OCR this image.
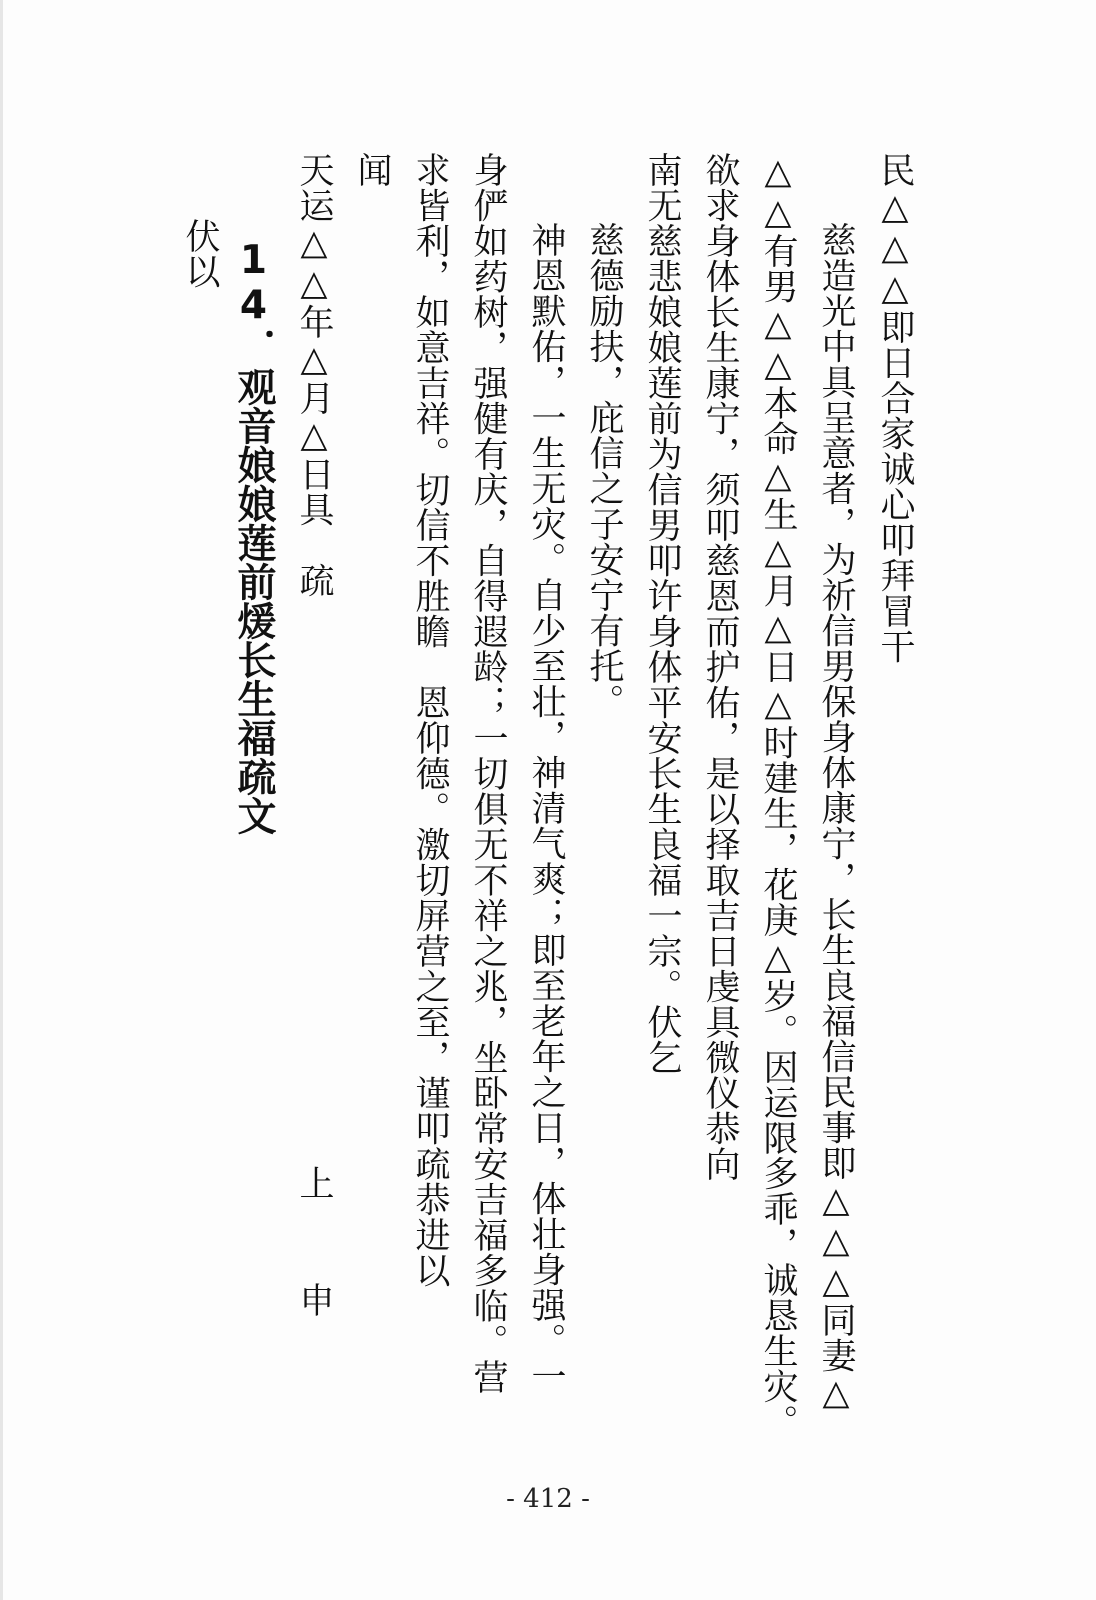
民△△△即日合家诚心叩拜冒干
慈造光中具呈意者，为祈信男保身体康宁，长生良福信民事即△△△同妻△
△△有男△△本命△生△月△日△时建生，花庚△岁。因运限多乖，诚恳生灾。
欲求身体长生康宁，须叩慈恩而护佑，是以择取吉日虔具微仪恭向
南无慈悲娘娘莲前为信男叩许身体平安长生良福一宗。伏乞
慈德励扶，庇信之子安宁有托。
神恩默佑，一生无灾。自少至壮，神清气爽；即至老年之日，体壮身强。一
身俨如药树，强健有庆，自得遐龄；一切俱无不祥之兆，坐卧常安吉福多临。营
求皆利，如意吉祥。切信不胜瞻　恩仰德。激切屏营之至，谨叩疏恭进以
闻
天运△△年△月△日具　疏
上
申
14．观音娘娘莲前煖长生福疏文
伏以
- 412 -
